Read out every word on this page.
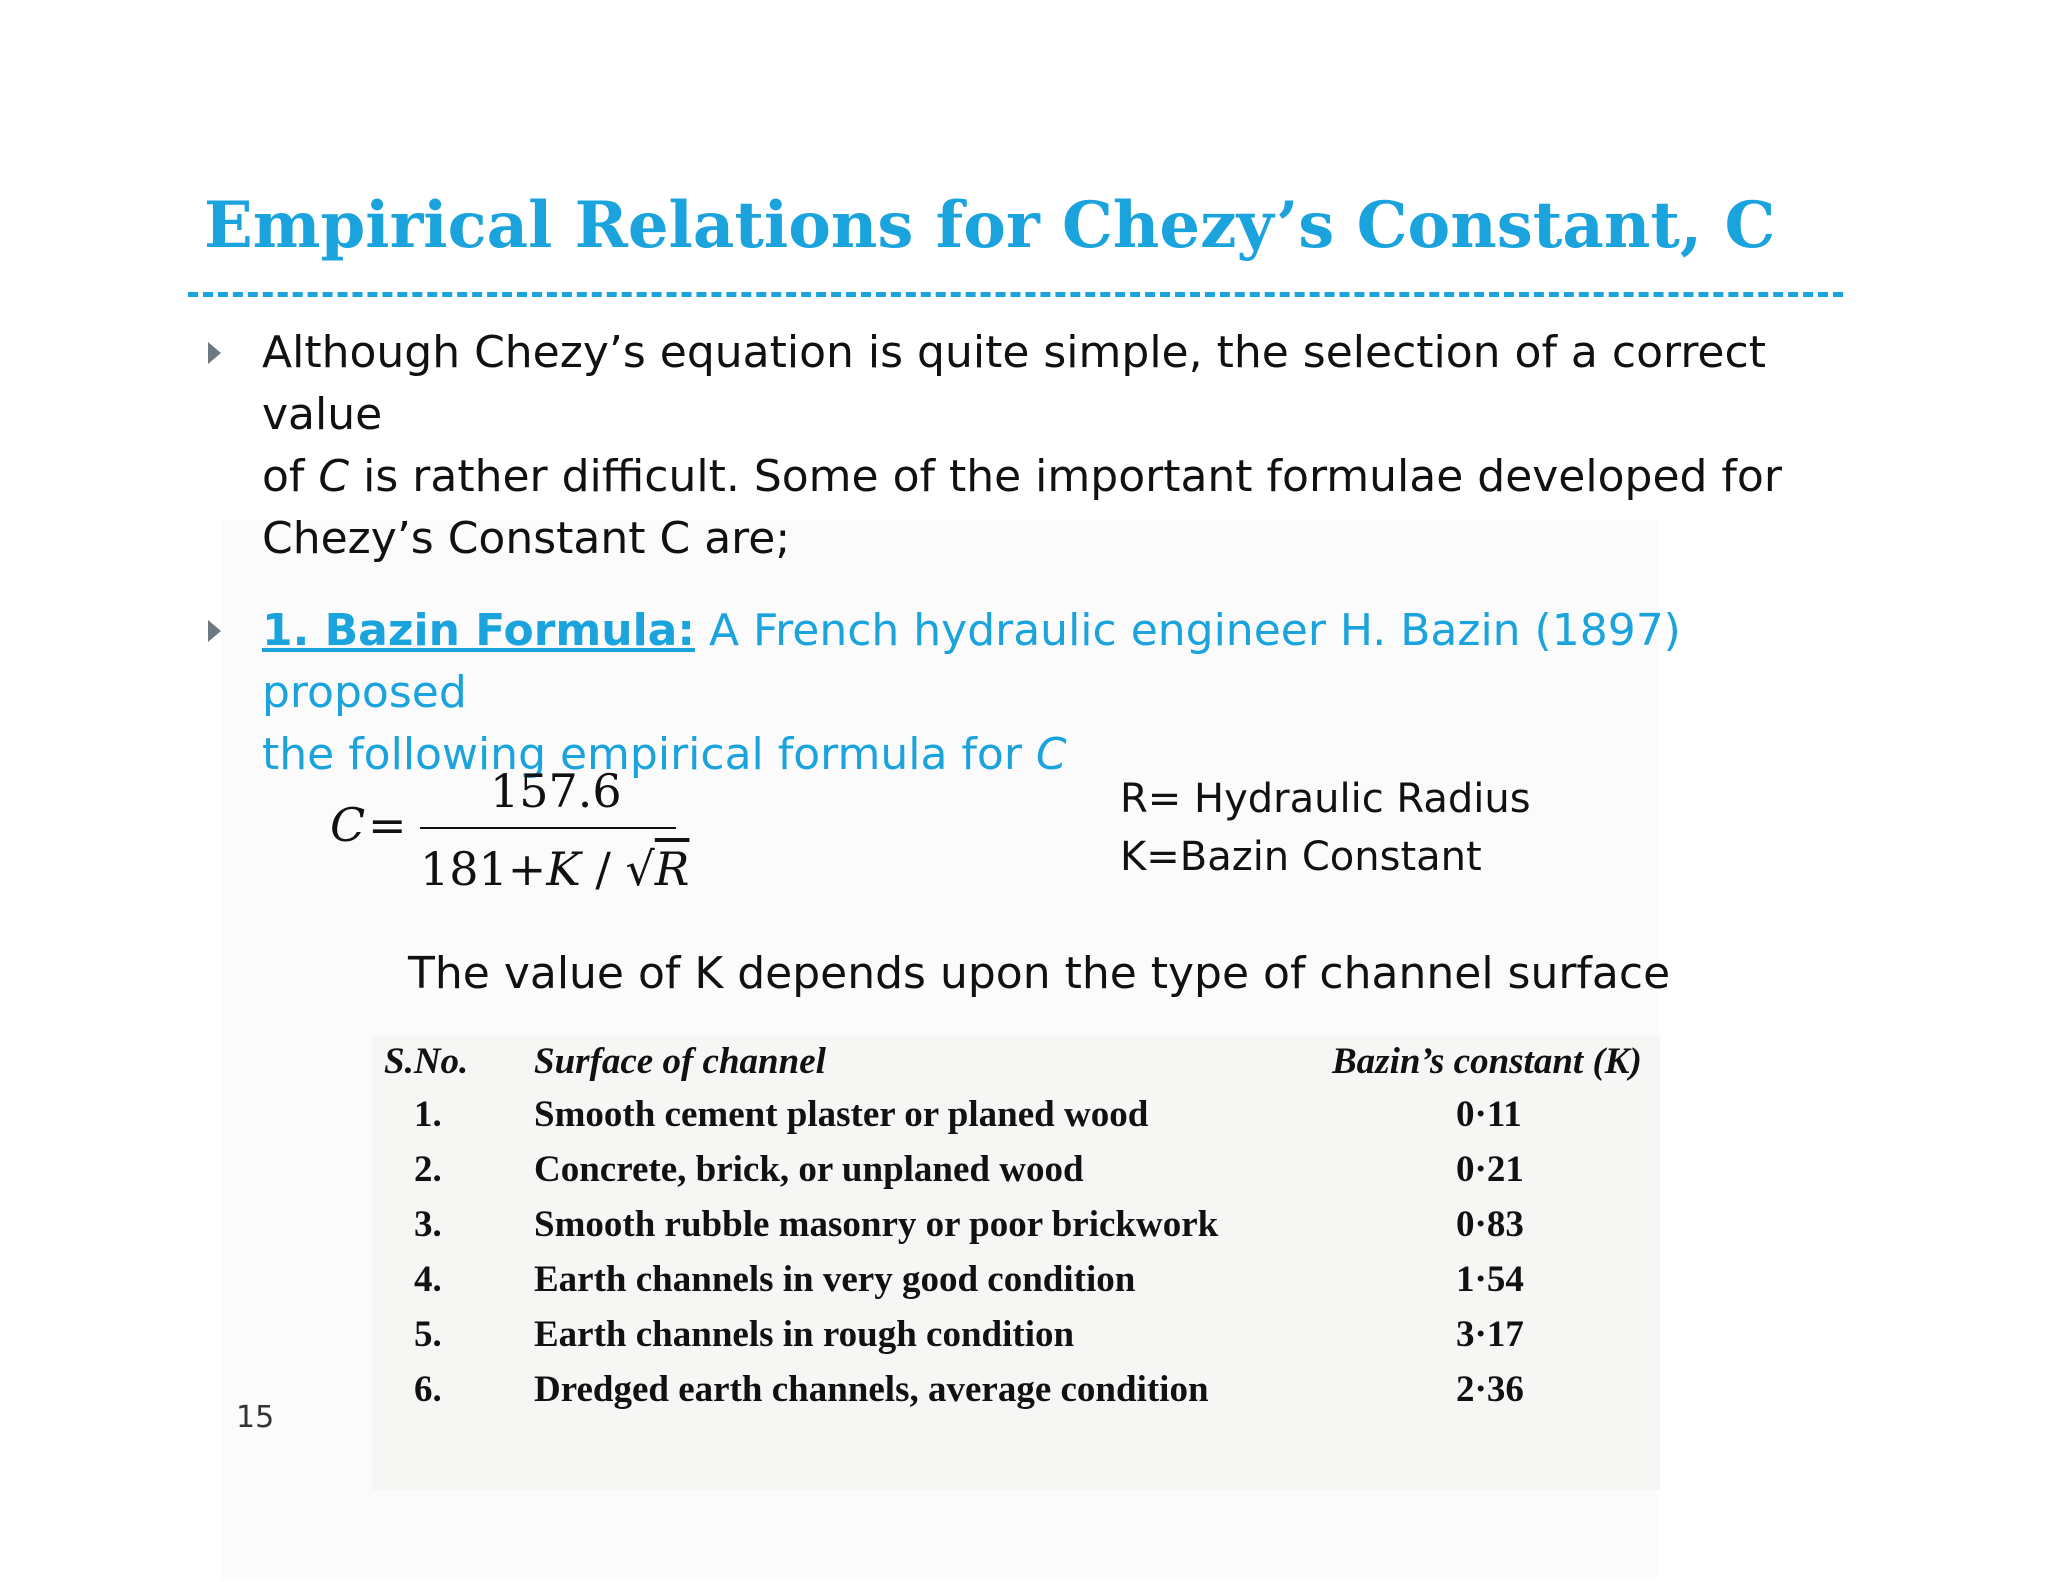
Empirical Relations for Chezy’s Constant, C
Although Chezy’s equation is quite simple, the selection of a correct value
of C is rather difficult. Some of the important formulae developed for
Chezy’s Constant C are;
1. Bazin Formula: A French hydraulic engineer H. Bazin (1897) proposed
the following empirical formula for C
C =
157.6
181+K / √R
R= Hydraulic Radius
K=Bazin Constant
The value of K depends upon the type of channel surface
S.No. Surface of channel	Bazin’s constant (K)
1. Smooth cement plaster or planed wood	0·11
2. Concrete, brick, or unplaned wood	0·21
3. Smooth rubble masonry or poor brickwork	0·83
4. Earth channels in very good condition	1·54
5. Earth channels in rough condition	3·17
6. Dredged earth channels, average condition	2·36
15
